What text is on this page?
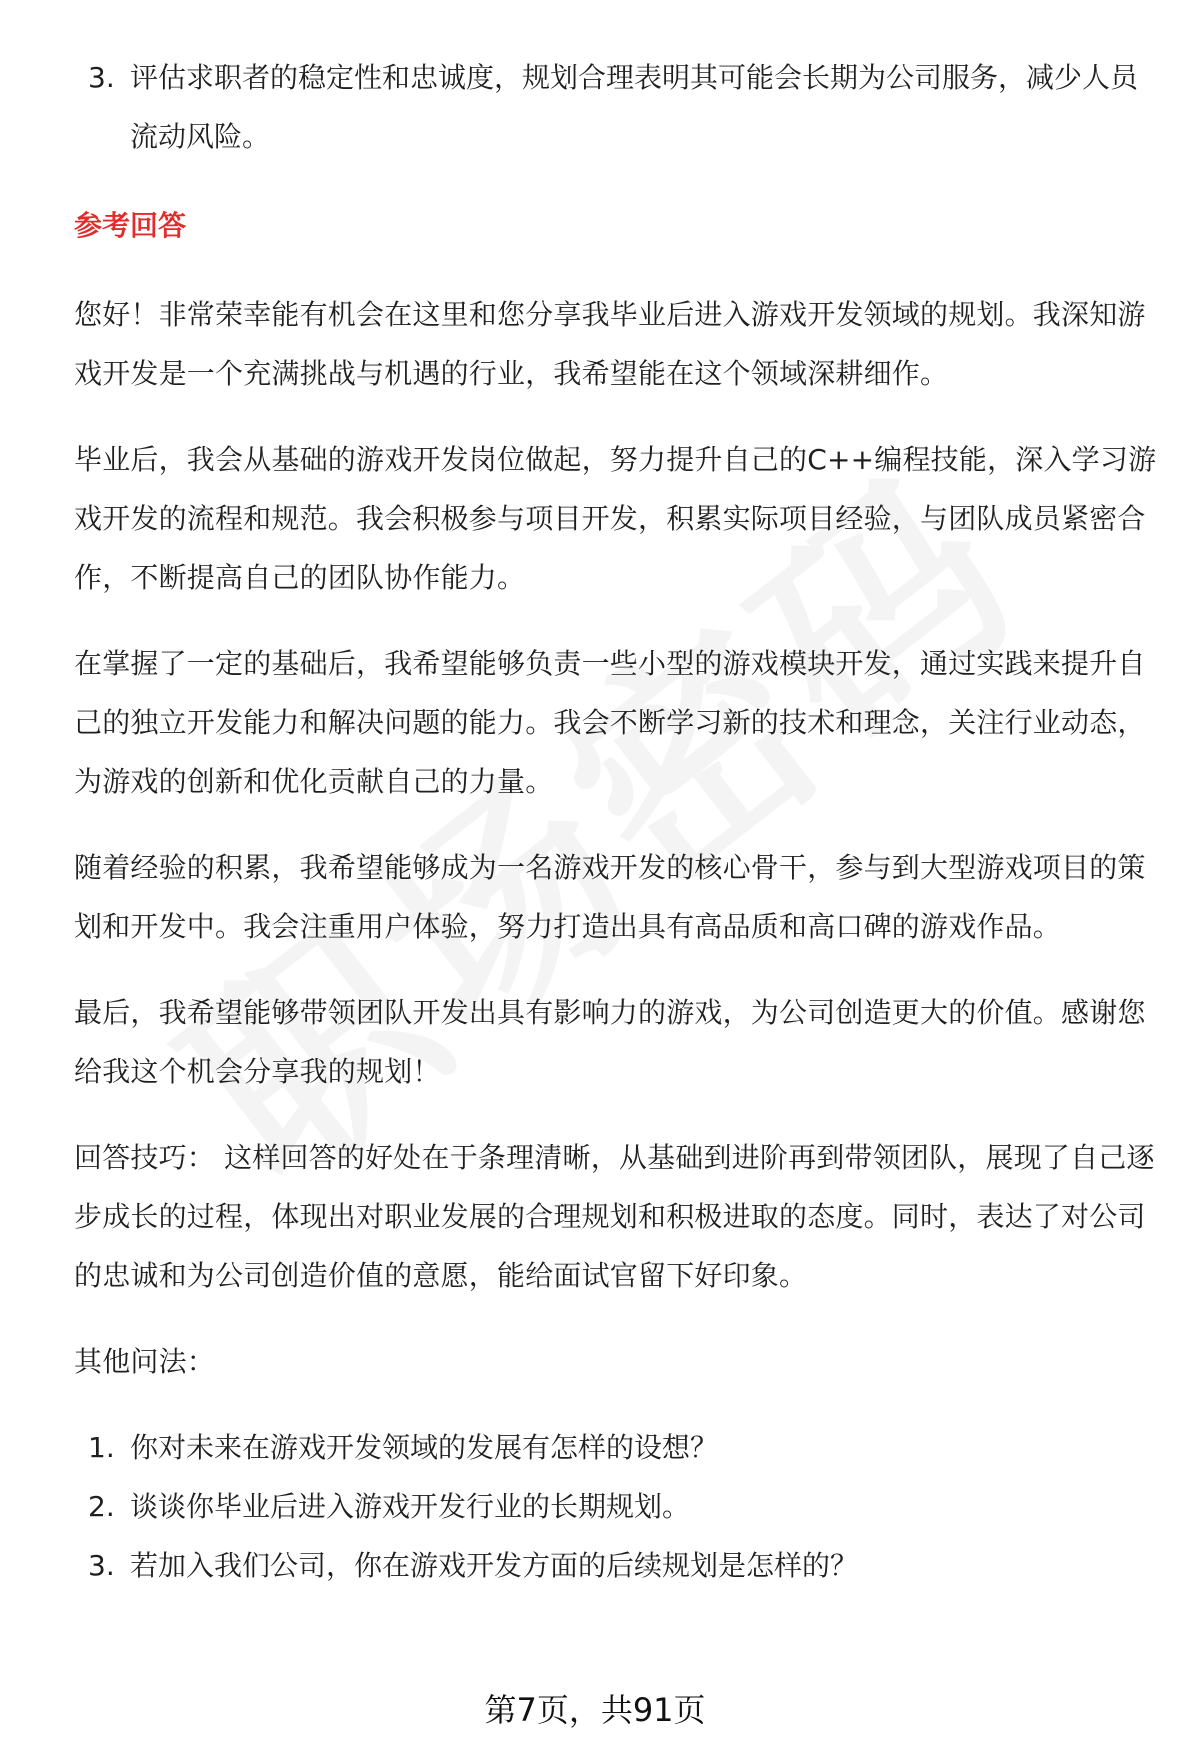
3. 评估求职者的稳定性和忠诚度，规划合理表明其可能会长期为公司服务，减少人员流动风险。

参考回答

您好！非常荣幸能有机会在这里和您分享我毕业后进入游戏开发领域的规划。我深知游戏开发是一个充满挑战与机遇的行业，我希望能在这个领域深耕细作。

毕业后，我会从基础的游戏开发岗位做起，努力提升自己的C++编程技能，深入学习游戏开发的流程和规范。我会积极参与项目开发，积累实际项目经验，与团队成员紧密合作，不断提高自己的团队协作能力。

在掌握了一定的基础后，我希望能够负责一些小型的游戏模块开发，通过实践来提升自己的独立开发能力和解决问题的能力。我会不断学习新的技术和理念，关注行业动态，为游戏的创新和优化贡献自己的力量。

随着经验的积累，我希望能够成为一名游戏开发的核心骨干，参与到大型游戏项目的策划和开发中。我会注重用户体验，努力打造出具有高品质和高口碑的游戏作品。

最后，我希望能够带领团队开发出具有影响力的游戏，为公司创造更大的价值。感谢您给我这个机会分享我的规划！

回答技巧： 这样回答的好处在于条理清晰，从基础到进阶再到带领团队，展现了自己逐步成长的过程，体现出对职业发展的合理规划和积极进取的态度。同时，表达了对公司的忠诚和为公司创造价值的意愿，能给面试官留下好印象。

其他问法：

1. 你对未来在游戏开发领域的发展有怎样的设想？
2. 谈谈你毕业后进入游戏开发行业的长期规划。
3. 若加入我们公司，你在游戏开发方面的后续规划是怎样的？
第7页，共91页
